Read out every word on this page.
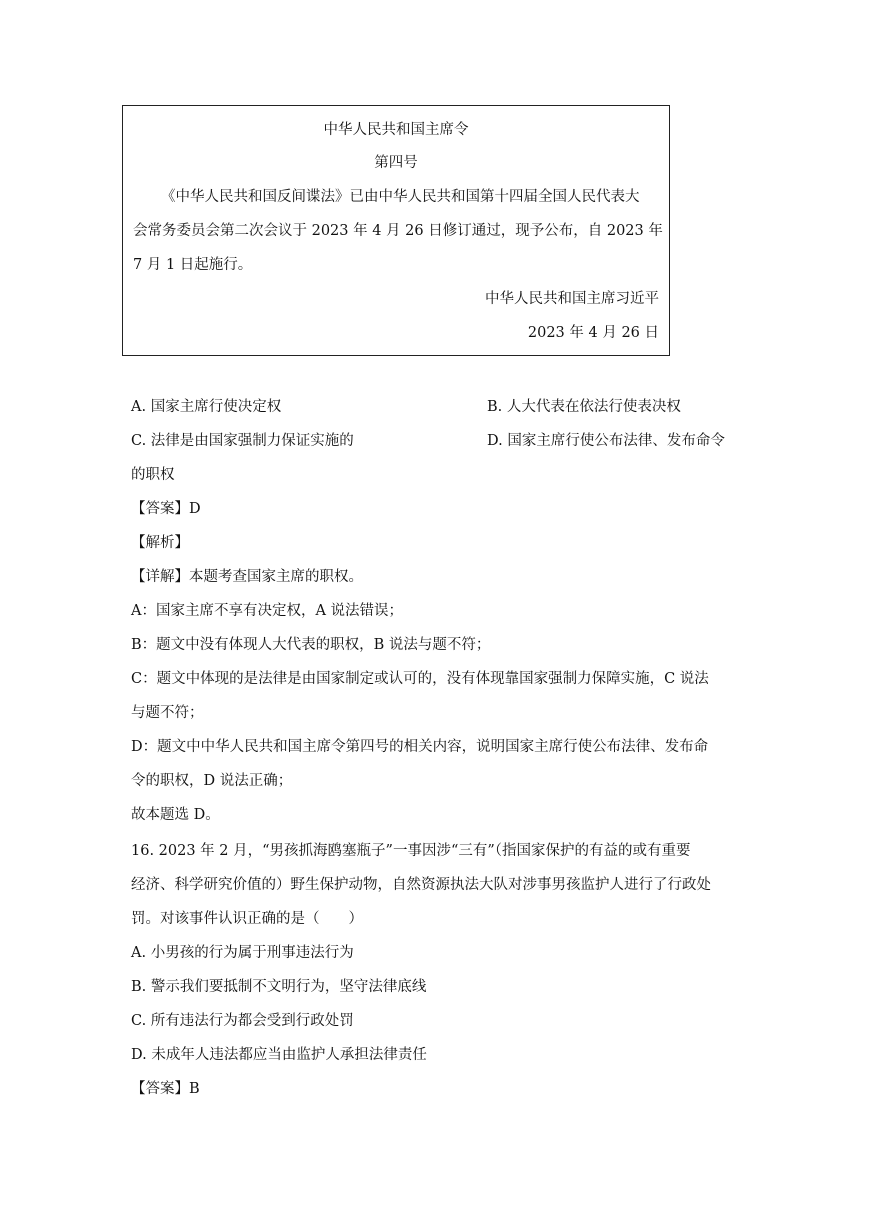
中华人民共和国主席令
第四号
《中华人民共和国反间谍法》已由中华人民共和国第十四届全国人民代表大
会常务委员会第二次会议于 2023 年 4 月 26 日修订通过，现予公布，自 2023 年
7 月 1 日起施行。
中华人民共和国主席习近平
2023 年 4 月 26 日
A. 国家主席行使决定权	B. 人大代表在依法行使表决权
C. 法律是由国家强制力保证实施的	D. 国家主席行使公布法律、发布命令
的职权
【答案】D
【解析】
【详解】本题考查国家主席的职权。
A：国家主席不享有决定权，A 说法错误；
B：题文中没有体现人大代表的职权，B 说法与题不符；
C：题文中体现的是法律是由国家制定或认可的，没有体现靠国家强制力保障实施，C 说法
与题不符；
D：题文中中华人民共和国主席令第四号的相关内容，说明国家主席行使公布法律、发布命
令的职权，D 说法正确；
故本题选 D。
16. 2023 年 2 月，“男孩抓海鸥塞瓶子”一事因涉“三有”（指国家保护的有益的或有重要
经济、科学研究价值的）野生保护动物，自然资源执法大队对涉事男孩监护人进行了行政处
罚。对该事件认识正确的是（　　）
A. 小男孩的行为属于刑事违法行为
B. 警示我们要抵制不文明行为，坚守法律底线
C. 所有违法行为都会受到行政处罚
D. 未成年人违法都应当由监护人承担法律责任
【答案】B
